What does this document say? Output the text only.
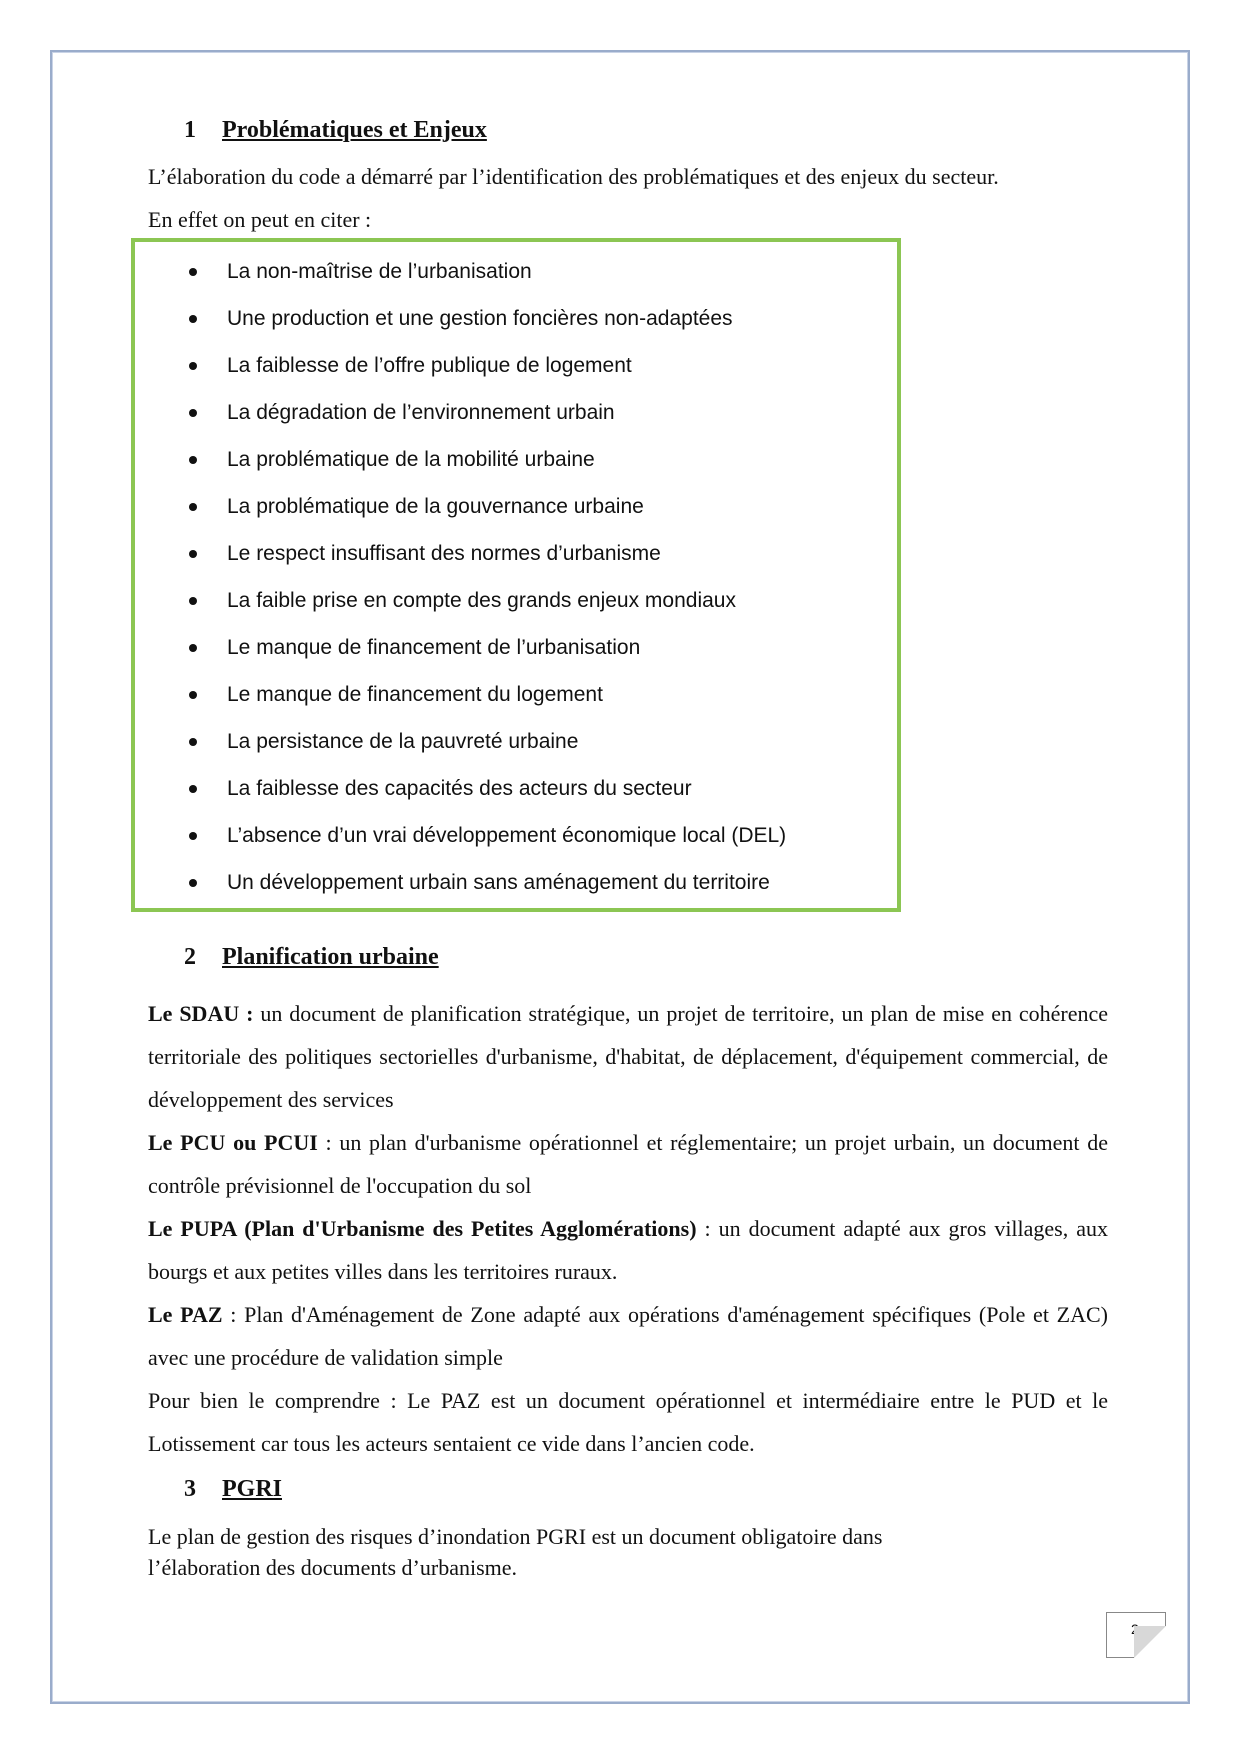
1 Problématiques et Enjeux
L’élaboration du code a démarré par l’identification des problématiques et des enjeux du secteur.
En effet on peut en citer :
La non-maîtrise de l’urbanisation
Une production et une gestion foncières non-adaptées
La faiblesse de l’offre publique de logement
La dégradation de l’environnement urbain
La problématique de la mobilité urbaine
La problématique de la gouvernance urbaine
Le respect insuffisant des normes d’urbanisme
La faible prise en compte des grands enjeux mondiaux
Le manque de financement de l’urbanisation
Le manque de financement du logement
La persistance de la pauvreté urbaine
La faiblesse des capacités des acteurs du secteur
L’absence d’un vrai développement économique local (DEL)
Un développement urbain sans aménagement du territoire
2 Planification urbaine
Le SDAU : un document de planification stratégique, un projet de territoire, un plan de mise en cohérence territoriale des politiques sectorielles d'urbanisme, d'habitat, de déplacement, d'équipement commercial, de développement des services
Le PCU ou PCUI : un plan d'urbanisme opérationnel et réglementaire; un projet urbain, un document de contrôle prévisionnel de l'occupation du sol
Le PUPA (Plan d'Urbanisme des Petites Agglomérations) : un document adapté aux gros villages, aux bourgs et aux petites villes dans les territoires ruraux.
Le PAZ : Plan d'Aménagement de Zone adapté aux opérations d'aménagement spécifiques (Pole et ZAC) avec une procédure de validation simple
Pour bien le comprendre : Le PAZ est un document opérationnel et intermédiaire entre le PUD et le Lotissement car tous les acteurs sentaient ce vide dans l’ancien code.
3 PGRI
Le plan de gestion des risques d’inondation PGRI est un document obligatoire dans
l’élaboration des documents d’urbanisme.
2
